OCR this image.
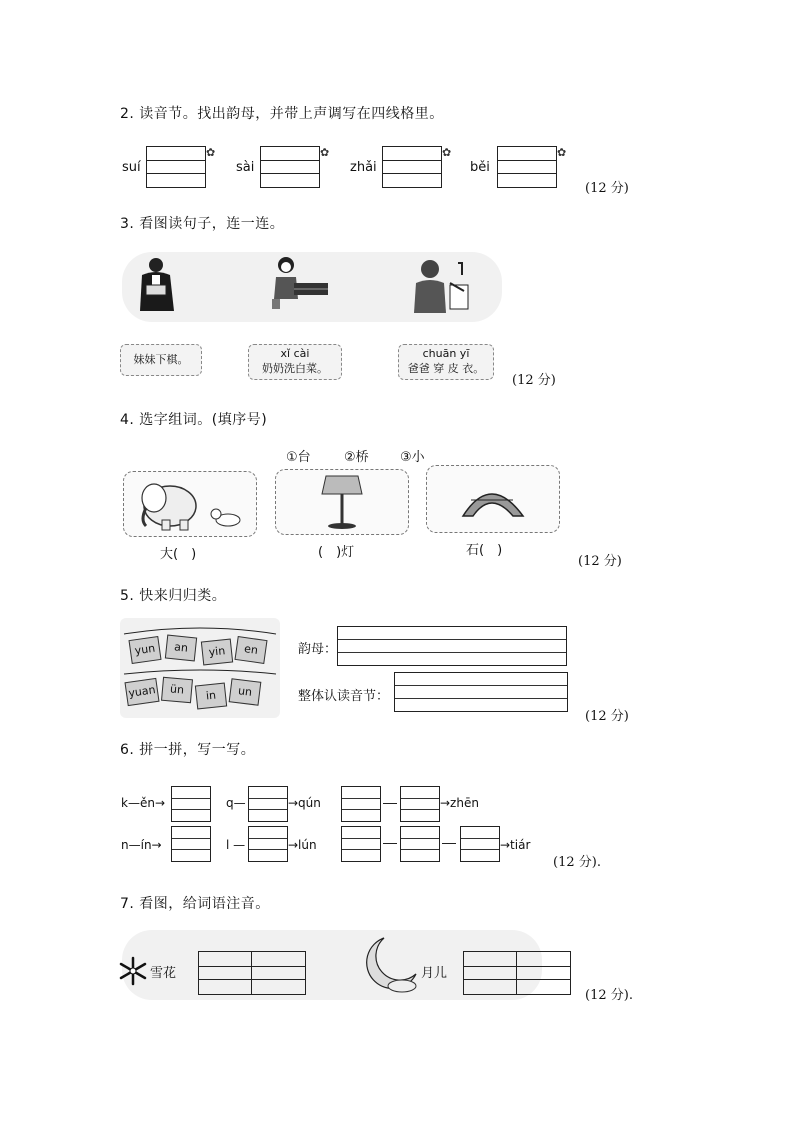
2. 读音节。找出韵母，并带上声调写在四线格里。
suí
✿
sài
✿
zhǎi
✿
běi
✿
(12 分)
3. 看图读句子，连一连。
妹妹下棋。	xǐ cài
奶奶洗白菜。
chuān yī
爸爸 穿 皮 衣。
(12 分)
4. 选字组词。(填序号)
①台	②桥 ③小
大(　)	(　)灯	石(　)
(12 分)
5. 快来归归类。
yun	an	yin	en
yuan	ün	in	un
韵母：
整体认读音节：
(12 分)
6. 拼一拼，写一写。
k—ěn→	q—	→qún	→zhēn
n—ín→	l —	→lún	→tiár
(12 分).
7. 看图，给词语注音。
雪花	月儿
(12 分).
